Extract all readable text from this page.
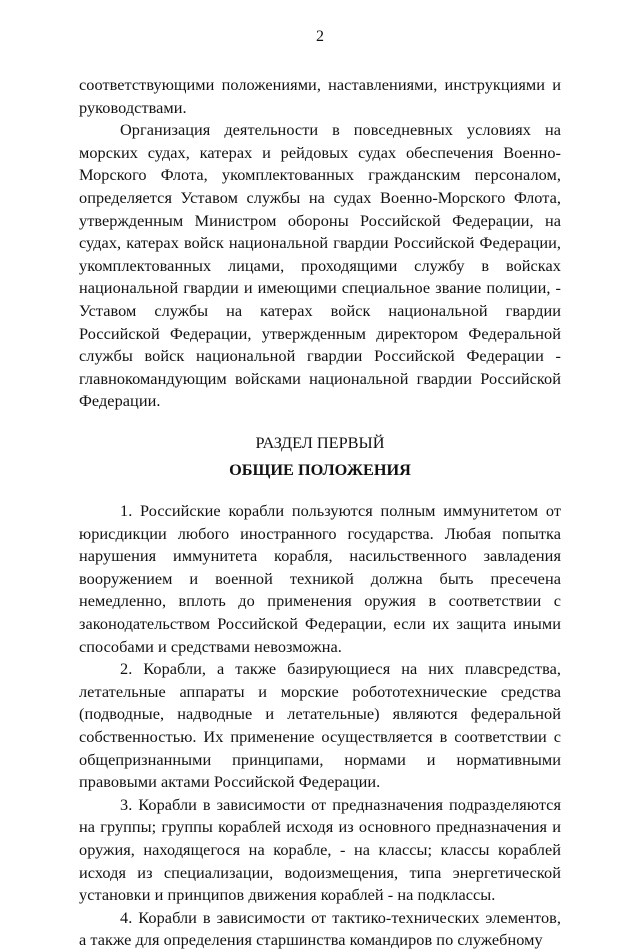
2

соответствующими положениями, наставлениями, инструкциями и руководствами.

Организация деятельности в повседневных условиях на морских судах, катерах и рейдовых судах обеспечения Военно-Морского Флота, укомплектованных гражданским персоналом, определяется Уставом службы на судах Военно-Морского Флота, утвержденным Министром обороны Российской Федерации, на судах, катерах войск национальной гвардии Российской Федерации, укомплектованных лицами, проходящими службу в войсках национальной гвардии и имеющими специальное звание полиции, - Уставом службы на катерах войск национальной гвардии Российской Федерации, утвержденным директором Федеральной службы войск национальной гвардии Российской Федерации - главнокомандующим войсками национальной гвардии Российской Федерации.

РАЗДЕЛ ПЕРВЫЙ
ОБЩИЕ ПОЛОЖЕНИЯ

1. Российские корабли пользуются полным иммунитетом от юрисдикции любого иностранного государства. Любая попытка нарушения иммунитета корабля, насильственного завладения вооружением и военной техникой должна быть пресечена немедленно, вплоть до применения оружия в соответствии с законодательством Российской Федерации, если их защита иными способами и средствами невозможна.

2. Корабли, а также базирующиеся на них плавсредства, летательные аппараты и морские робототехнические средства (подводные, надводные и летательные) являются федеральной собственностью. Их применение осуществляется в соответствии с общепризнанными принципами, нормами и нормативными правовыми актами Российской Федерации.

3. Корабли в зависимости от предназначения подразделяются на группы; группы кораблей исходя из основного предназначения и оружия, находящегося на корабле, - на классы; классы кораблей исходя из специализации, водоизмещения, типа энергетической установки и принципов движения кораблей - на подклассы.

4. Корабли в зависимости от тактико-технических элементов, а также для определения старшинства командиров по служебному
